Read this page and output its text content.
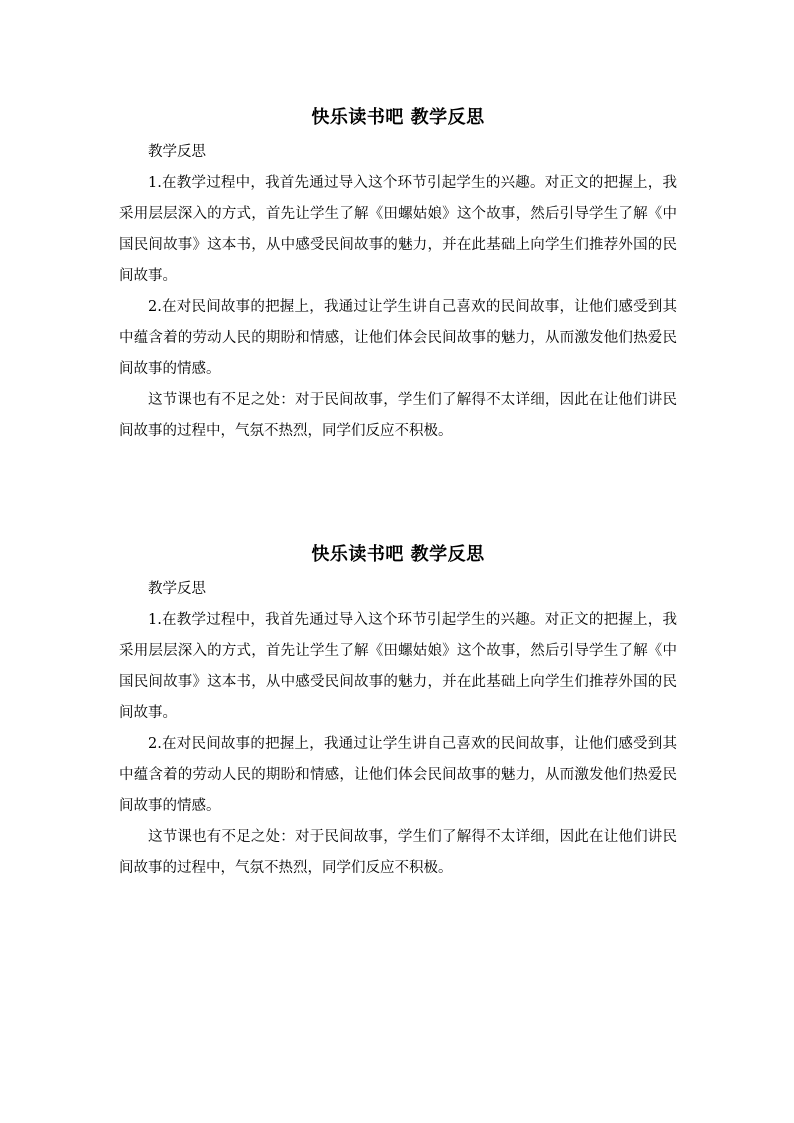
快乐读书吧 教学反思

教学反思

1.在教学过程中，我首先通过导入这个环节引起学生的兴趣。对正文的把握上，我采用层层深入的方式，首先让学生了解《田螺姑娘》这个故事，然后引导学生了解《中国民间故事》这本书，从中感受民间故事的魅力，并在此基础上向学生们推荐外国的民间故事。

2.在对民间故事的把握上，我通过让学生讲自己喜欢的民间故事，让他们感受到其中蕴含着的劳动人民的期盼和情感，让他们体会民间故事的魅力，从而激发他们热爱民间故事的情感。

这节课也有不足之处：对于民间故事，学生们了解得不太详细，因此在让他们讲民间故事的过程中，气氛不热烈，同学们反应不积极。

快乐读书吧 教学反思

教学反思

1.在教学过程中，我首先通过导入这个环节引起学生的兴趣。对正文的把握上，我采用层层深入的方式，首先让学生了解《田螺姑娘》这个故事，然后引导学生了解《中国民间故事》这本书，从中感受民间故事的魅力，并在此基础上向学生们推荐外国的民间故事。

2.在对民间故事的把握上，我通过让学生讲自己喜欢的民间故事，让他们感受到其中蕴含着的劳动人民的期盼和情感，让他们体会民间故事的魅力，从而激发他们热爱民间故事的情感。

这节课也有不足之处：对于民间故事，学生们了解得不太详细，因此在让他们讲民间故事的过程中，气氛不热烈，同学们反应不积极。
